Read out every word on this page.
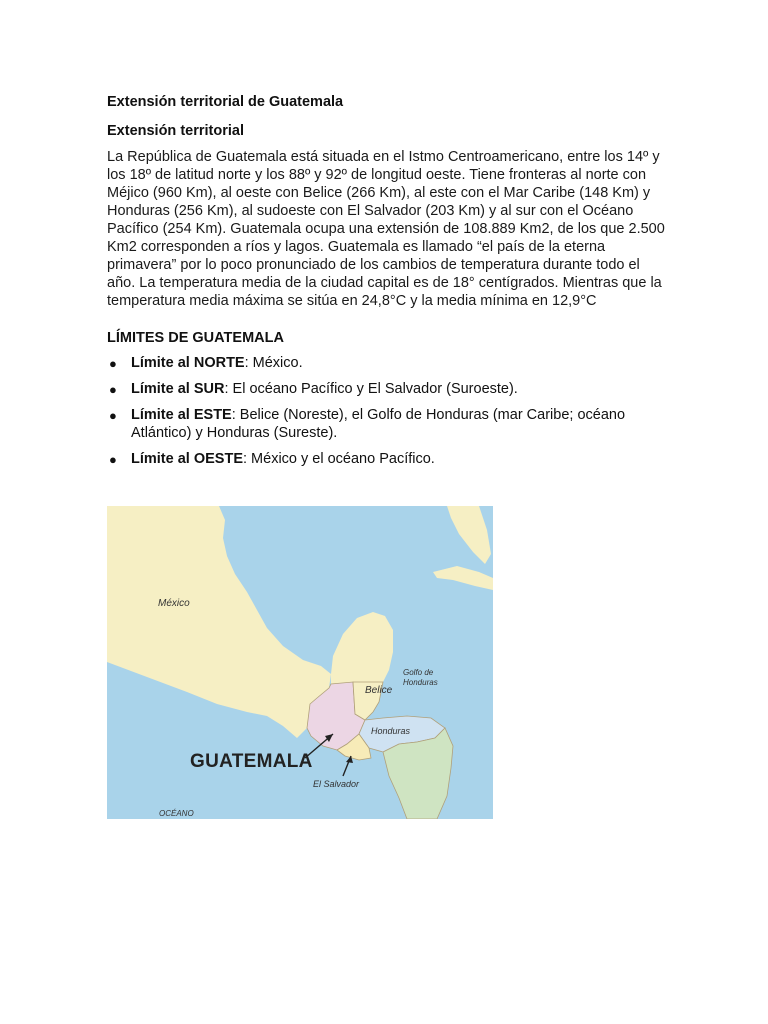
Extensión territorial de Guatemala
Extensión territorial

La República de Guatemala está situada en el Istmo Centroamericano, entre los 14º y los 18º de latitud norte y los 88º y 92º de longitud oeste. Tiene fronteras al norte con Méjico (960 Km), al oeste con Belice (266 Km), al este con el Mar Caribe (148 Km) y Honduras (256 Km), al sudoeste con El Salvador (203 Km) y al sur con el Océano Pacífico (254 Km). Guatemala ocupa una extensión de 108.889 Km2, de los que 2.500 Km2 corresponden a ríos y lagos. Guatemala es llamado “el país de la eterna primavera” por lo poco pronunciado de los cambios de temperatura durante todo el año. La temperatura media de la ciudad capital es de 18° centígrados. Mientras que la temperatura media máxima se sitúa en 24,8°C y la media mínima en 12,9°C

LÍMITES DE GUATEMALA
● Límite al NORTE: México.
● Límite al SUR: El océano Pacífico y El Salvador (Suroeste).
● Límite al ESTE: Belice (Noreste), el Golfo de Honduras (mar Caribe; océano Atlántico) y Honduras (Sureste).
● Límite al OESTE: México y el océano Pacífico.
México
Belice
Golfo de Honduras
Honduras
El Salvador
OCÉANO
GUATEMALA
